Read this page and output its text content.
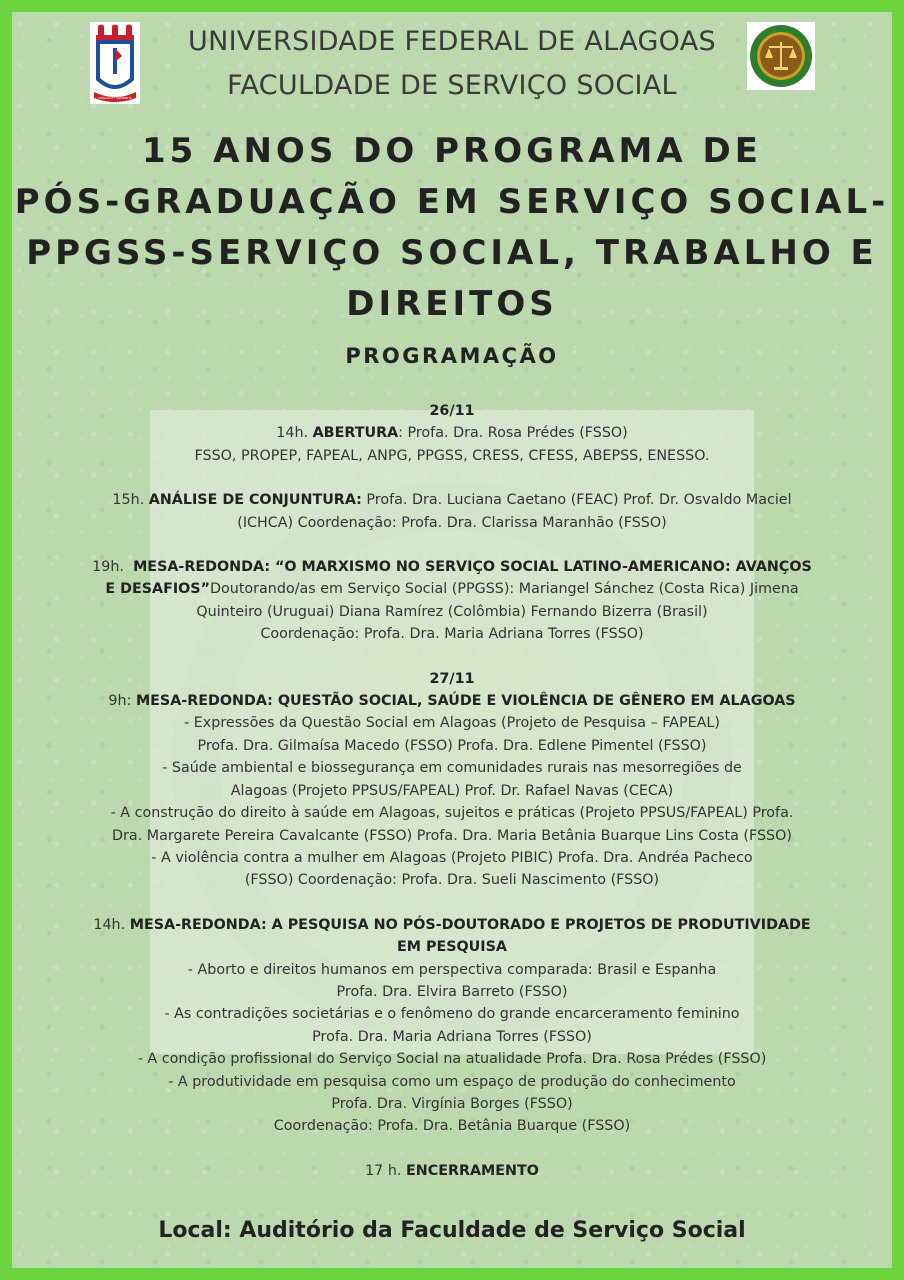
CIÊNCIA ET SAPIENTIA
UNIVERSIDADE FEDERAL DE ALAGOAS
FACULDADE DE SERVIÇO SOCIAL
15 ANOS DO PROGRAMA DE
PÓS-GRADUAÇÃO EM SERVIÇO SOCIAL-
PPGSS-SERVIÇO SOCIAL, TRABALHO E
DIREITOS
PROGRAMAÇÃO
26/11
14h. ABERTURA: Profa. Dra. Rosa Prédes (FSSO)
FSSO, PROPEP, FAPEAL, ANPG, PPGSS, CRESS, CFESS, ABEPSS, ENESSO.
15h. ANÁLISE DE CONJUNTURA: Profa. Dra. Luciana Caetano (FEAC) Prof. Dr. Osvaldo Maciel
(ICHCA) Coordenação: Profa. Dra. Clarissa Maranhão (FSSO)
19h. MESA-REDONDA: “O MARXISMO NO SERVIÇO SOCIAL LATINO-AMERICANO: AVANÇOS
E DESAFIOS”Doutorando/as em Serviço Social (PPGSS): Mariangel Sánchez (Costa Rica) Jimena
Quinteiro (Uruguai) Diana Ramírez (Colômbia) Fernando Bizerra (Brasil)
Coordenação: Profa. Dra. Maria Adriana Torres (FSSO)
27/11
9h: MESA-REDONDA: QUESTÃO SOCIAL, SAÚDE E VIOLÊNCIA DE GÊNERO EM ALAGOAS
- Expressões da Questão Social em Alagoas (Projeto de Pesquisa – FAPEAL)
Profa. Dra. Gilmaísa Macedo (FSSO) Profa. Dra. Edlene Pimentel (FSSO)
- Saúde ambiental e biossegurança em comunidades rurais nas mesorregiões de
Alagoas (Projeto PPSUS/FAPEAL) Prof. Dr. Rafael Navas (CECA)
- A construção do direito à saúde em Alagoas, sujeitos e práticas (Projeto PPSUS/FAPEAL) Profa.
Dra. Margarete Pereira Cavalcante (FSSO) Profa. Dra. Maria Betânia Buarque Lins Costa (FSSO)
- A violência contra a mulher em Alagoas (Projeto PIBIC) Profa. Dra. Andréa Pacheco
(FSSO) Coordenação: Profa. Dra. Sueli Nascimento (FSSO)
14h. MESA-REDONDA: A PESQUISA NO PÓS-DOUTORADO E PROJETOS DE PRODUTIVIDADE
EM PESQUISA
- Aborto e direitos humanos em perspectiva comparada: Brasil e Espanha
Profa. Dra. Elvira Barreto (FSSO)
- As contradições societárias e o fenômeno do grande encarceramento feminino
Profa. Dra. Maria Adriana Torres (FSSO)
- A condição profissional do Serviço Social na atualidade Profa. Dra. Rosa Prédes (FSSO)
- A produtividade em pesquisa como um espaço de produção do conhecimento
Profa. Dra. Virgínia Borges (FSSO)
Coordenação: Profa. Dra. Betânia Buarque (FSSO)
17 h. ENCERRAMENTO
Local: Auditório da Faculdade de Serviço Social
